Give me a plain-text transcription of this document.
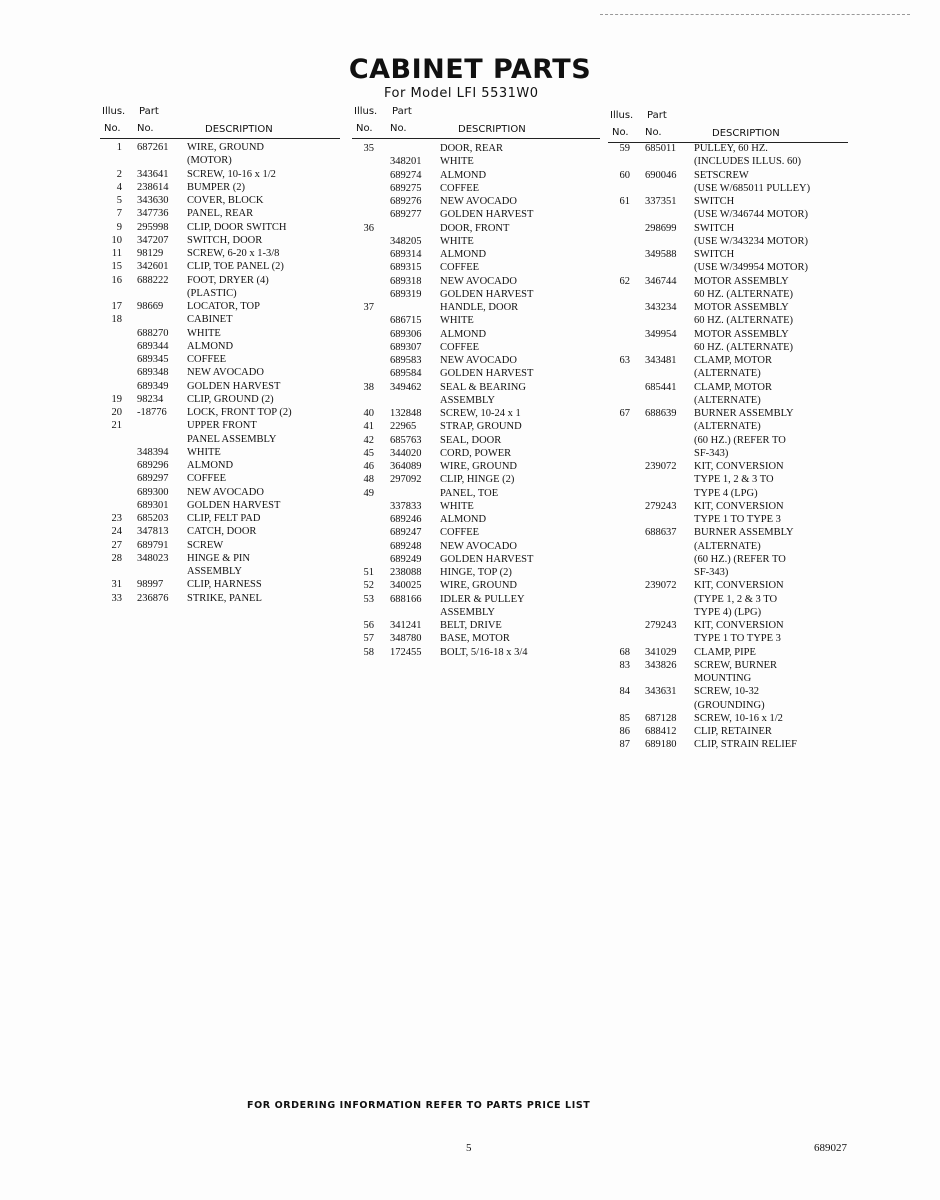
CABINET PARTS
For Model LFI 5531W0
Illus. Part
No. No.	DESCRIPTION
1 687261 WIRE, GROUND
(MOTOR)
2 343641 SCREW, 10-16 x 1/2
4 238614 BUMPER (2)
5 343630 COVER, BLOCK
7 347736 PANEL, REAR
9 295998 CLIP, DOOR SWITCH
10 347207 SWITCH, DOOR
11 98129 SCREW, 6-20 x 1-3/8
15 342601 CLIP, TOE PANEL (2)
16 688222 FOOT, DRYER (4)
(PLASTIC)
17 98669 LOCATOR, TOP
18	CABINET
688270 WHITE
689344 ALMOND
689345 COFFEE
689348 NEW AVOCADO
689349 GOLDEN HARVEST
19 98234 CLIP, GROUND (2)
20 -18776 LOCK, FRONT TOP (2)
21	UPPER FRONT
PANEL ASSEMBLY
348394 WHITE
689296 ALMOND
689297 COFFEE
689300 NEW AVOCADO
689301 GOLDEN HARVEST
23 685203 CLIP, FELT PAD
24 347813 CATCH, DOOR
27 689791 SCREW
28 348023 HINGE & PIN
ASSEMBLY
31 98997 CLIP, HARNESS
33 236876 STRIKE, PANEL
Illus. Part
No. No.	DESCRIPTION
35	DOOR, REAR
348201 WHITE
689274 ALMOND
689275 COFFEE
689276 NEW AVOCADO
689277 GOLDEN HARVEST
36	DOOR, FRONT
348205 WHITE
689314 ALMOND
689315 COFFEE
689318 NEW AVOCADO
689319 GOLDEN HARVEST
37	HANDLE, DOOR
686715 WHITE
689306 ALMOND
689307 COFFEE
689583 NEW AVOCADO
689584 GOLDEN HARVEST
38 349462 SEAL & BEARING
ASSEMBLY
40 132848 SCREW, 10-24 x 1
41 22965 STRAP, GROUND
42 685763 SEAL, DOOR
45 344020 CORD, POWER
46 364089 WIRE, GROUND
48 297092 CLIP, HINGE (2)
49	PANEL, TOE
337833 WHITE
689246 ALMOND
689247 COFFEE
689248 NEW AVOCADO
689249 GOLDEN HARVEST
51 238088 HINGE, TOP (2)
52 340025 WIRE, GROUND
53 688166 IDLER & PULLEY
ASSEMBLY
56 341241 BELT, DRIVE
57 348780 BASE, MOTOR
58 172455 BOLT, 5/16-18 x 3/4
Illus. Part
No. No.	DESCRIPTION
59 685011 PULLEY, 60 HZ.
(INCLUDES ILLUS. 60)
60 690046 SETSCREW
(USE W/685011 PULLEY)
61 337351 SWITCH
(USE W/346744 MOTOR)
298699 SWITCH
(USE W/343234 MOTOR)
349588 SWITCH
(USE W/349954 MOTOR)
62 346744 MOTOR ASSEMBLY
60 HZ. (ALTERNATE)
343234 MOTOR ASSEMBLY
60 HZ. (ALTERNATE)
349954 MOTOR ASSEMBLY
60 HZ. (ALTERNATE)
63 343481 CLAMP, MOTOR
(ALTERNATE)
685441 CLAMP, MOTOR
(ALTERNATE)
67 688639 BURNER ASSEMBLY
(ALTERNATE)
(60 HZ.) (REFER TO
SF-343)
239072 KIT, CONVERSION
TYPE 1, 2 & 3 TO
TYPE 4 (LPG)
279243 KIT, CONVERSION
TYPE 1 TO TYPE 3
688637 BURNER ASSEMBLY
(ALTERNATE)
(60 HZ.) (REFER TO
SF-343)
239072 KIT, CONVERSION
(TYPE 1, 2 & 3 TO
TYPE 4) (LPG)
279243 KIT, CONVERSION
TYPE 1 TO TYPE 3
68 341029 CLAMP, PIPE
83 343826 SCREW, BURNER
MOUNTING
84 343631 SCREW, 10-32
(GROUNDING)
85 687128 SCREW, 10-16 x 1/2
86 688412 CLIP, RETAINER
87 689180 CLIP, STRAIN RELIEF
FOR ORDERING INFORMATION REFER TO PARTS PRICE LIST
5	689027
